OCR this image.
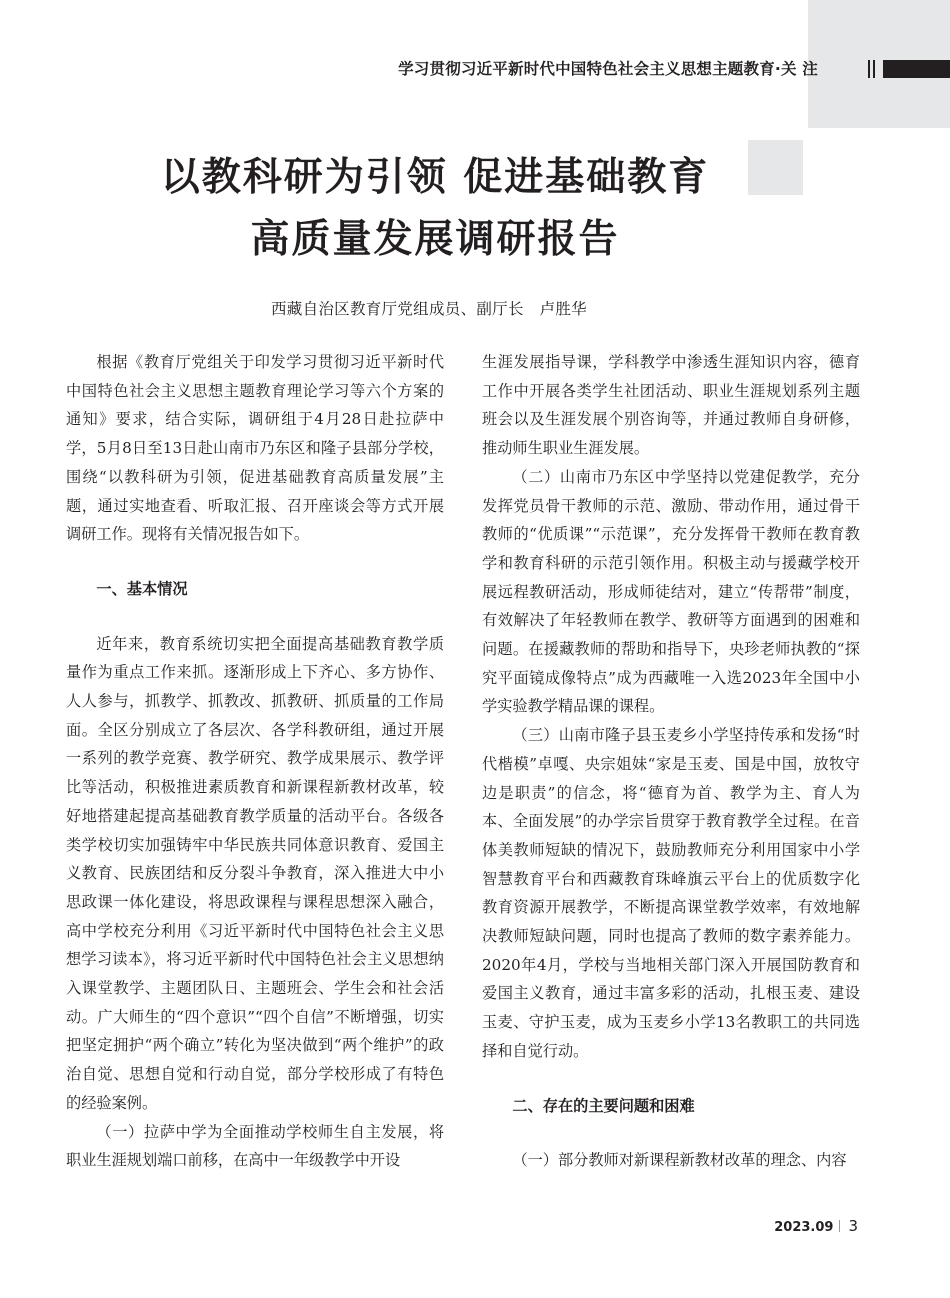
学习贯彻习近平新时代中国特色社会主义思想主题教育·关 注
以教科研为引领 促进基础教育
高质量发展调研报告
西藏自治区教育厅党组成员、副厅长　卢胜华

根据《教育厅党组关于印发学习贯彻习近平新时代中国特色社会主义思想主题教育理论学习等六个方案的通知》要求，结合实际，调研组于4月28日赴拉萨中学，5月8日至13日赴山南市乃东区和隆子县部分学校，围绕“以教科研为引领，促进基础教育高质量发展”主题，通过实地查看、听取汇报、召开座谈会等方式开展调研工作。现将有关情况报告如下。

一、基本情况

近年来，教育系统切实把全面提高基础教育教学质量作为重点工作来抓。逐渐形成上下齐心、多方协作、人人参与，抓教学、抓教改、抓教研、抓质量的工作局面。全区分别成立了各层次、各学科教研组，通过开展一系列的教学竞赛、教学研究、教学成果展示、教学评比等活动，积极推进素质教育和新课程新教材改革，较好地搭建起提高基础教育教学质量的活动平台。各级各类学校切实加强铸牢中华民族共同体意识教育、爱国主义教育、民族团结和反分裂斗争教育，深入推进大中小思政课一体化建设，将思政课程与课程思想深入融合，高中学校充分利用《习近平新时代中国特色社会主义思想学习读本》，将习近平新时代中国特色社会主义思想纳入课堂教学、主题团队日、主题班会、学生会和社会活动。广大师生的“四个意识”“四个自信”不断增强，切实把坚定拥护“两个确立”转化为坚决做到“两个维护”的政治自觉、思想自觉和行动自觉，部分学校形成了有特色的经验案例。

（一）拉萨中学为全面推动学校师生自主发展，将职业生涯规划端口前移，在高中一年级教学中开设

生涯发展指导课，学科教学中渗透生涯知识内容，德育工作中开展各类学生社团活动、职业生涯规划系列主题班会以及生涯发展个别咨询等，并通过教师自身研修，推动师生职业生涯发展。

（二）山南市乃东区中学坚持以党建促教学，充分发挥党员骨干教师的示范、激励、带动作用，通过骨干教师的“优质课”“示范课”，充分发挥骨干教师在教育教学和教育科研的示范引领作用。积极主动与援藏学校开展远程教研活动，形成师徒结对，建立“传帮带”制度，有效解决了年轻教师在教学、教研等方面遇到的困难和问题。在援藏教师的帮助和指导下，央珍老师执教的“探究平面镜成像特点”成为西藏唯一入选2023年全国中小学实验教学精品课的课程。

（三）山南市隆子县玉麦乡小学坚持传承和发扬“时代楷模”卓嘎、央宗姐妹“家是玉麦、国是中国，放牧守边是职责”的信念，将“德育为首、教学为主、育人为本、全面发展”的办学宗旨贯穿于教育教学全过程。在音体美教师短缺的情况下，鼓励教师充分利用国家中小学智慧教育平台和西藏教育珠峰旗云平台上的优质数字化教育资源开展教学，不断提高课堂教学效率，有效地解决教师短缺问题，同时也提高了教师的数字素养能力。2020年4月，学校与当地相关部门深入开展国防教育和爱国主义教育，通过丰富多彩的活动，扎根玉麦、建设玉麦、守护玉麦，成为玉麦乡小学13名教职工的共同选择和自觉行动。

二、存在的主要问题和困难

（一）部分教师对新课程新教材改革的理念、内容

2023.09 3
